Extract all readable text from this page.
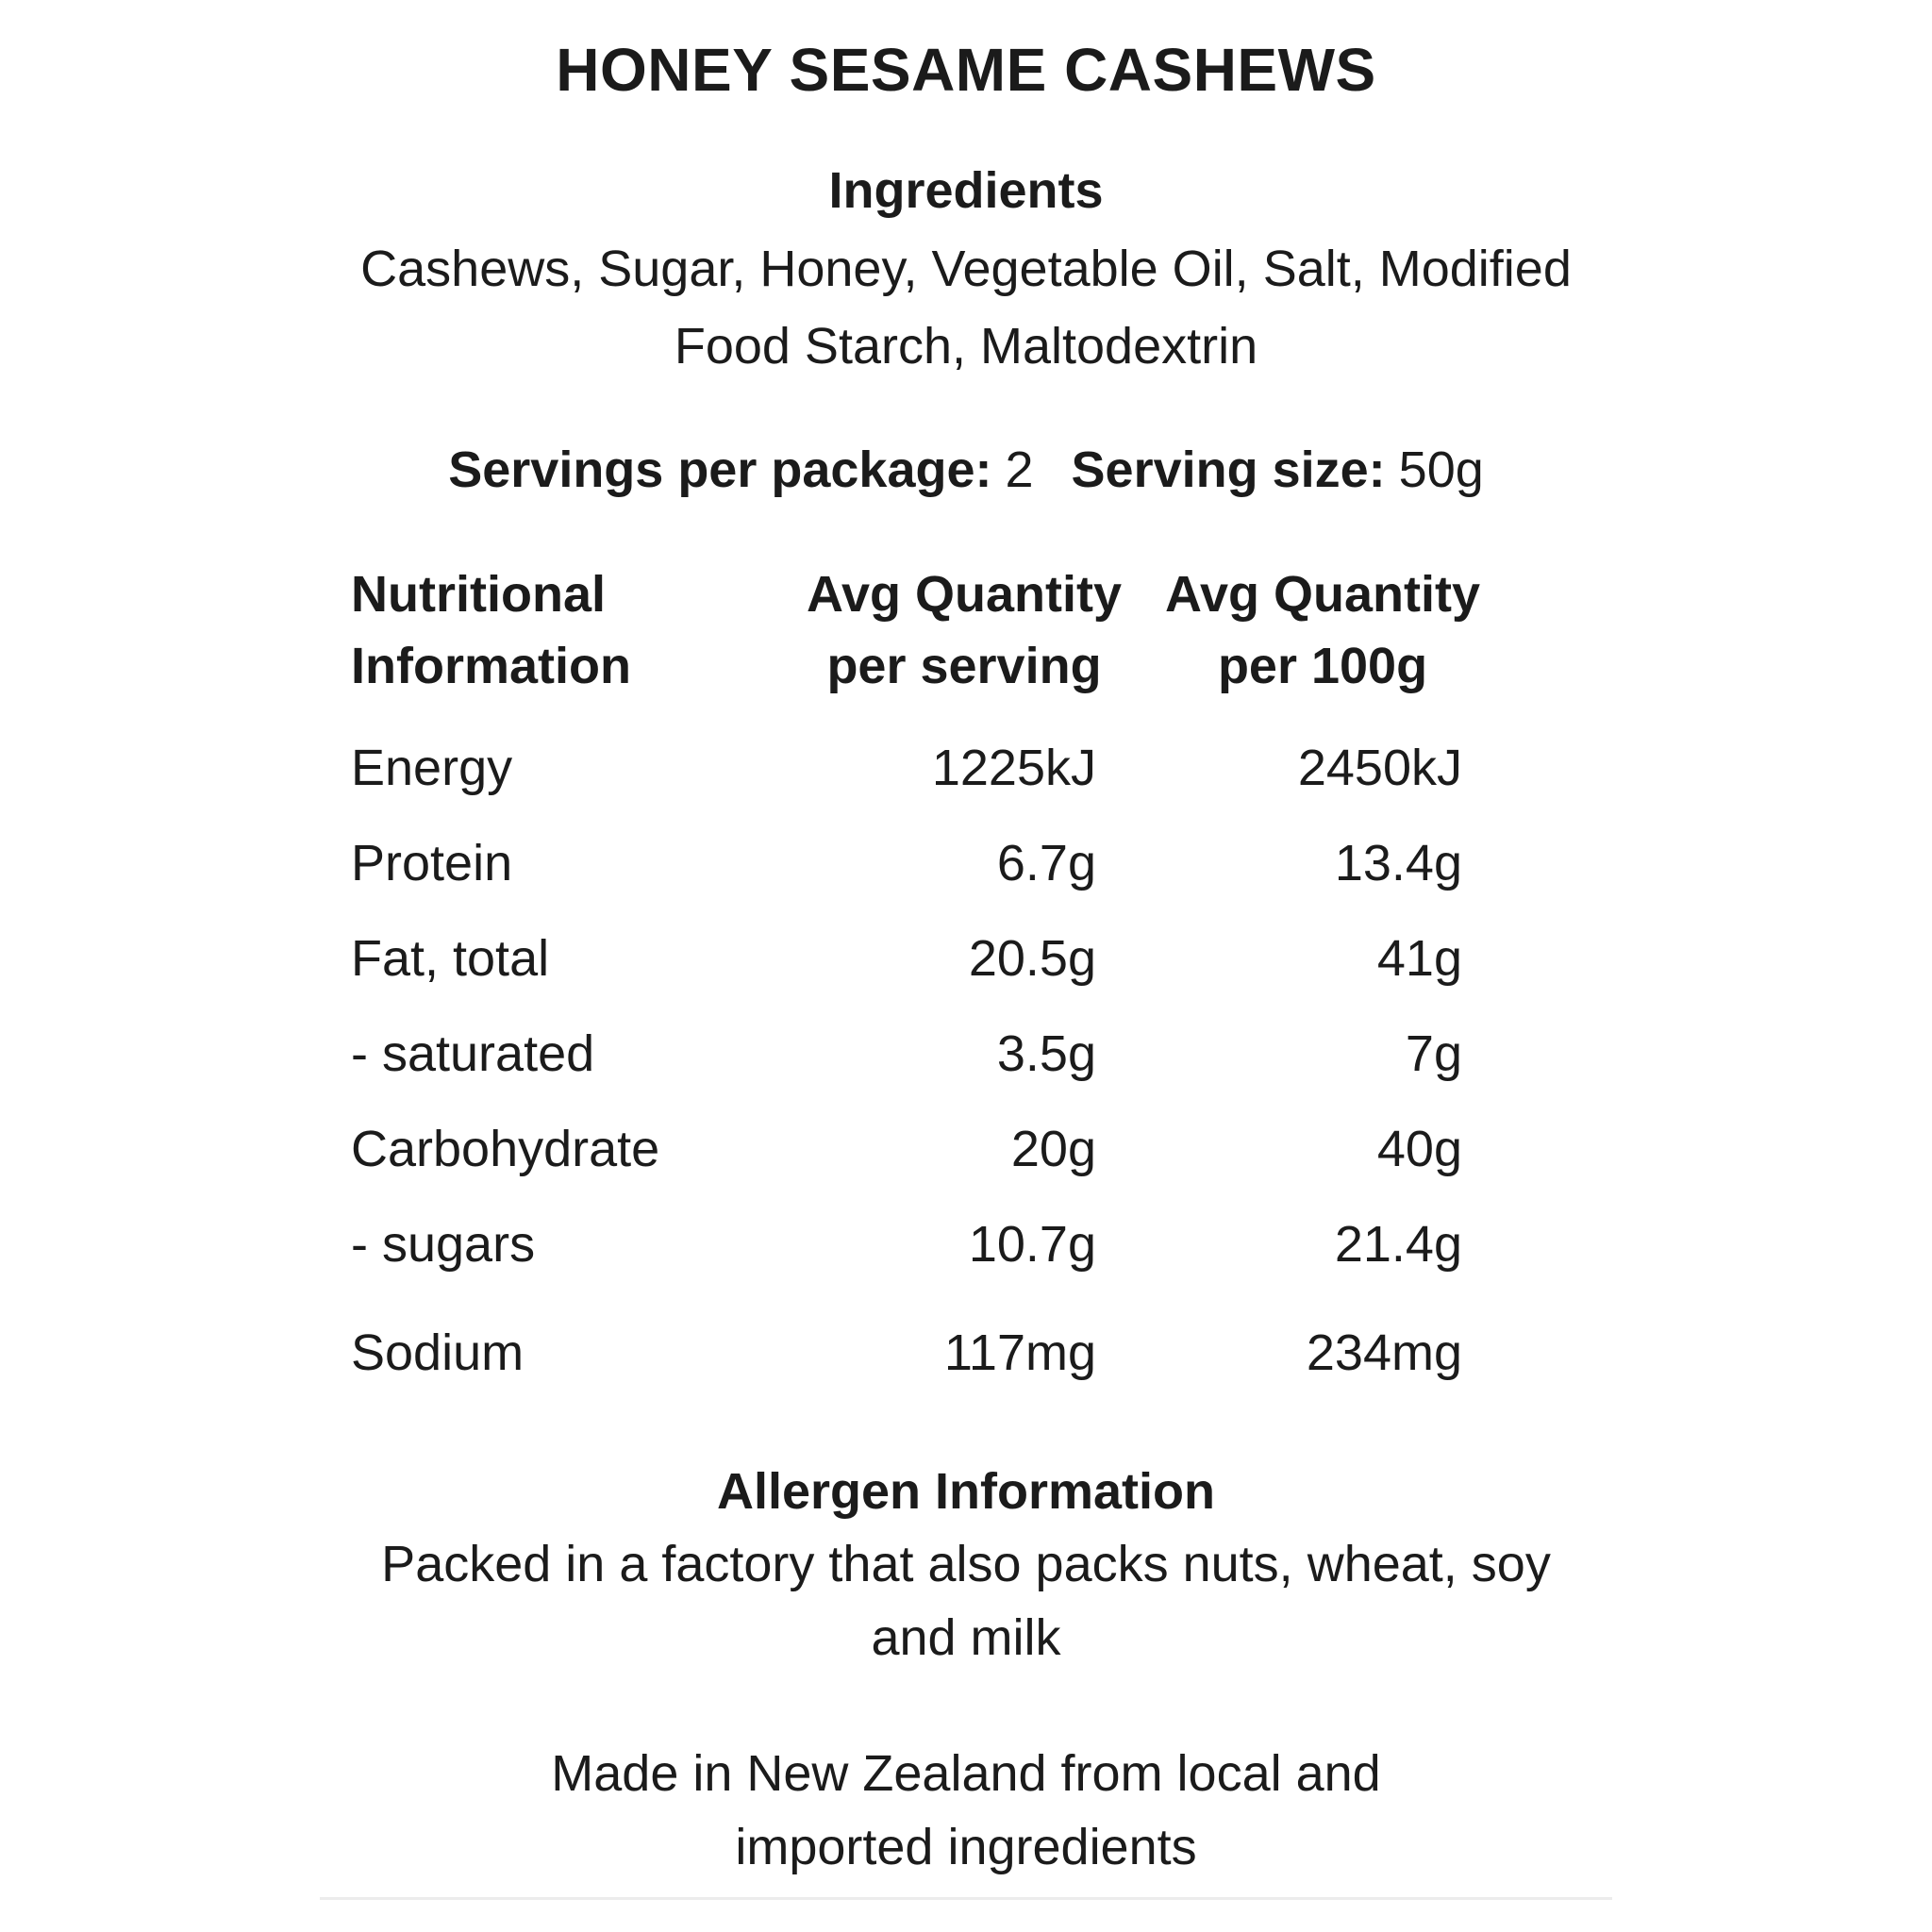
HONEY SESAME CASHEWS
Ingredients
Cashews, Sugar, Honey, Vegetable Oil, Salt, Modified
Food Starch, Maltodextrin
Servings per package: 2 Serving size: 50g
Nutritional
Information

Avg Quantity
per serving

Avg Quantity
per 100g

Energy	1225kJ	2450kJ
Protein	6.7g	13.4g
Fat, total	20.5g	41g
- saturated	3.5g	7g
Carbohydrate	20g	40g
- sugars	10.7g	21.4g
Sodium	117mg	234mg
Allergen Information
Packed in a factory that also packs nuts, wheat, soy
and milk
Made in New Zealand from local and
imported ingredients
